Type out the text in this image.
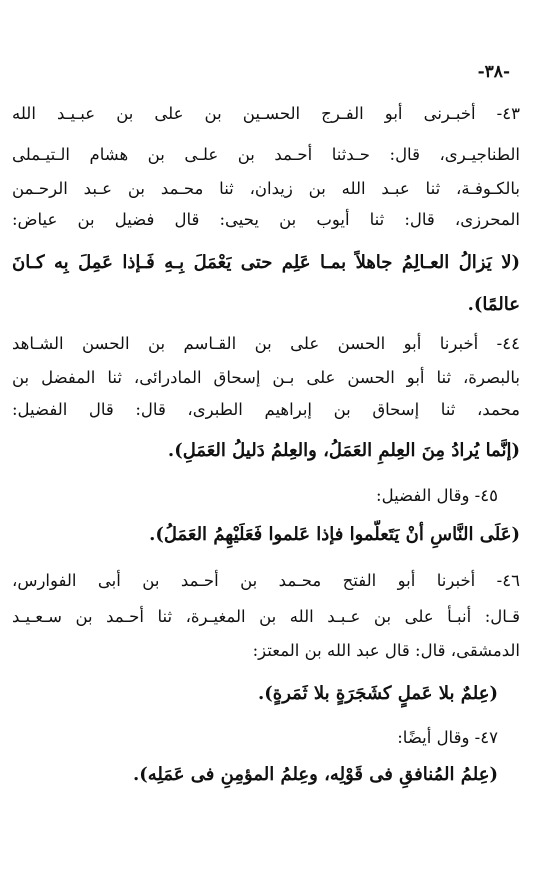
-٣٨-
٤٣- أخبـرنى أبو الفـرج الحسـين بن على بن عبـيـد الله
الطناجيـرى، قال: حـدثنا أحـمد بن علـى بن هشام الـتيـملى
بالكـوفـة، ثنا عبـد الله بن زيدان، ثنا محـمد بن عـبد الرحـمن
المحرزى، قال: ثنا أيوب بن يحيى: قال فضيل بن عياض:
(لا يَزالُ العـالِمُ جاهلاً بمـا عَلِم حتى يَعْمَلَ بِـهِ فَـإذا عَمِلَ بِه كـانَ
عالمًا).
٤٤- أخبرنا أبو الحسن على بن القـاسم بن الحسن الشـاهد
بالبصرة، ثنا أبو الحسن على بـن إسحاق المادرائى، ثنا المفضل بن
محمد، ثنا إسحاق بن إبراهيم الطبرى، قال: قال الفضيل:
(إنَّما يُرادُ مِنَ العِلمِ العَمَلُ، والعِلمُ دَليلُ العَمَلِ).
٤٥- وقال الفضيل:
(عَلَى النَّاسِ أنْ يَتَعلَّموا فإذا عَلموا فَعَلَيْهِمُ العَمَلُ).
٤٦- أخبرنا أبو الفتح محـمد بن أحـمد بن أبى الفوارس،
قـال: أنبـأ على بن عـبـد الله بن المغيـرة، ثنا أحـمد بن سـعـيـد
الدمشقى، قال: قال عبد الله بن المعتز:
(عِلمٌ بلا عَملٍ كشَجَرَةٍ بلا ثَمَرةٍ).
٤٧- وقال أيضًا:
(عِلمُ المُنافقِ فى قَوْلِه، وعِلمُ المؤمِنِ فى عَمَلِه).
